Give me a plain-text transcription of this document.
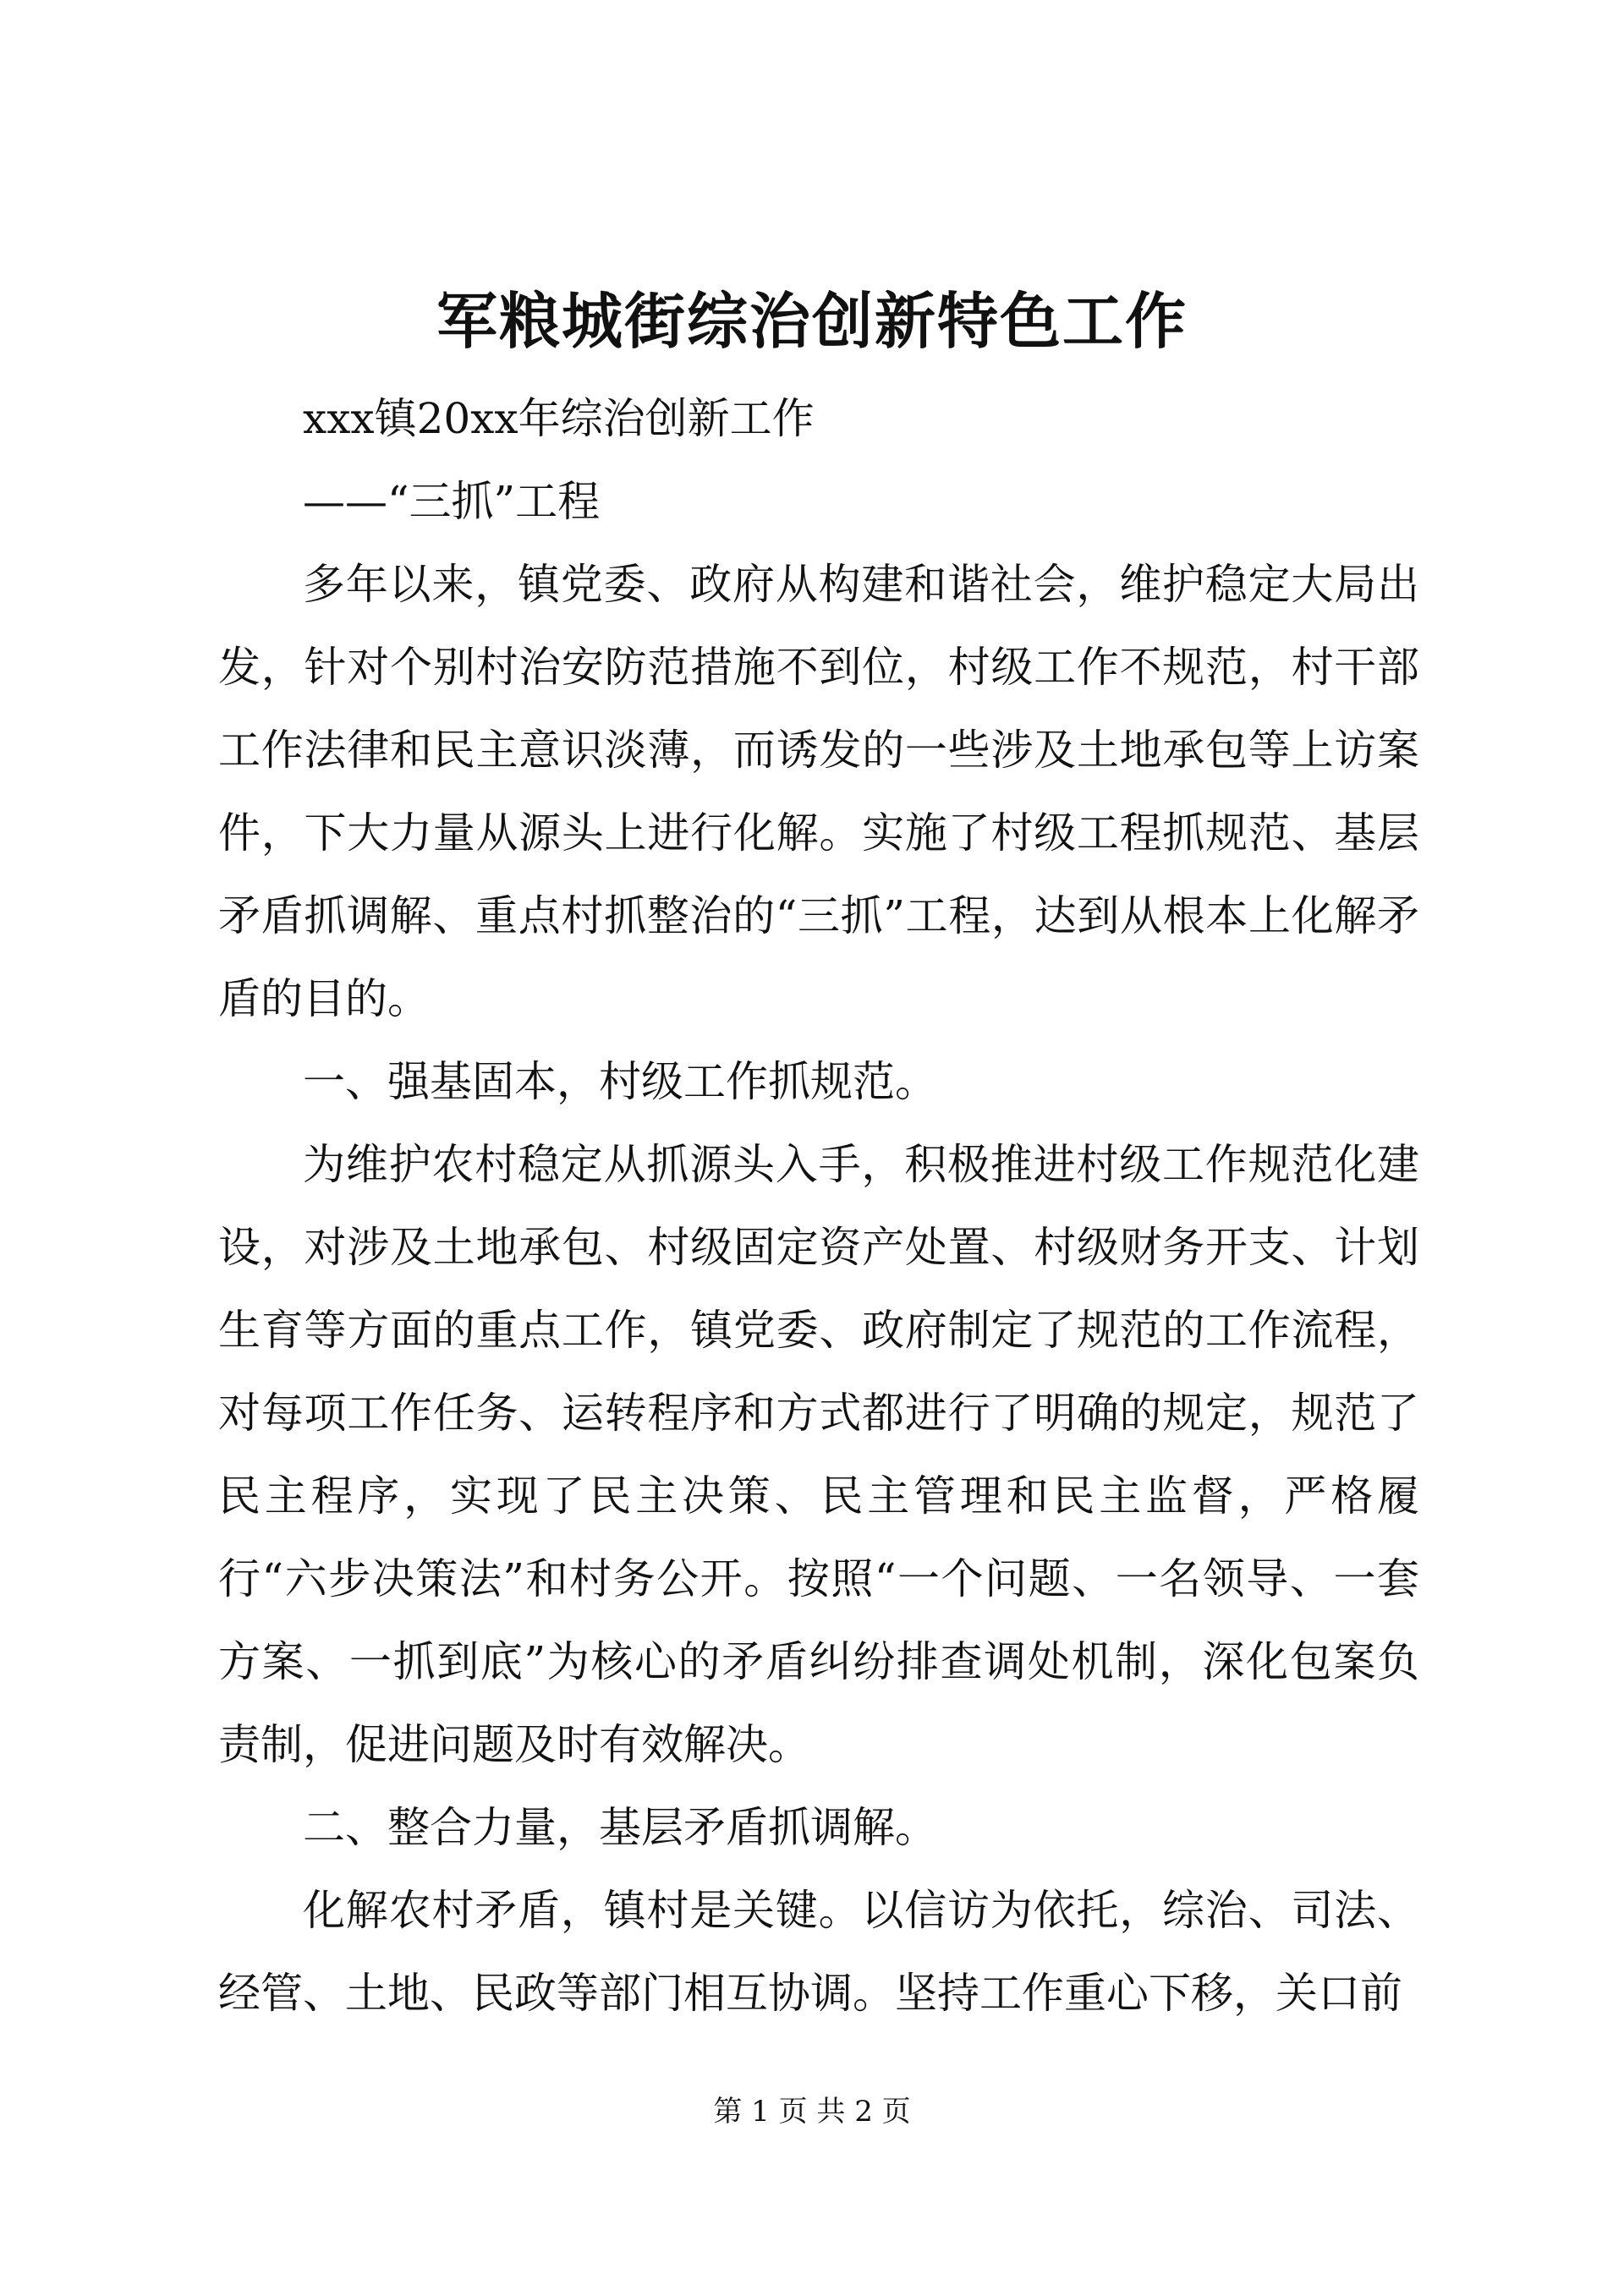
军粮城街综治创新特色工作

xxx镇20xx年综治创新工作

——“三抓”工程

多年以来，镇党委、政府从构建和谐社会，维护稳定大局出发，针对个别村治安防范措施不到位，村级工作不规范，村干部工作法律和民主意识淡薄，而诱发的一些涉及土地承包等上访案件，下大力量从源头上进行化解。实施了村级工程抓规范、基层矛盾抓调解、重点村抓整治的“三抓”工程，达到从根本上化解矛盾的目的。

一、强基固本，村级工作抓规范。

为维护农村稳定从抓源头入手，积极推进村级工作规范化建设，对涉及土地承包、村级固定资产处置、村级财务开支、计划生育等方面的重点工作，镇党委、政府制定了规范的工作流程，对每项工作任务、运转程序和方式都进行了明确的规定，规范了民主程序，实现了民主决策、民主管理和民主监督，严格履行“六步决策法”和村务公开。按照“一个问题、一名领导、一套方案、一抓到底”为核心的矛盾纠纷排查调处机制，深化包案负责制，促进问题及时有效解决。

二、整合力量，基层矛盾抓调解。

化解农村矛盾，镇村是关键。以信访为依托，综治、司法、经管、土地、民政等部门相互协调。坚持工作重心下移，关口前

第 1 页 共 2 页
